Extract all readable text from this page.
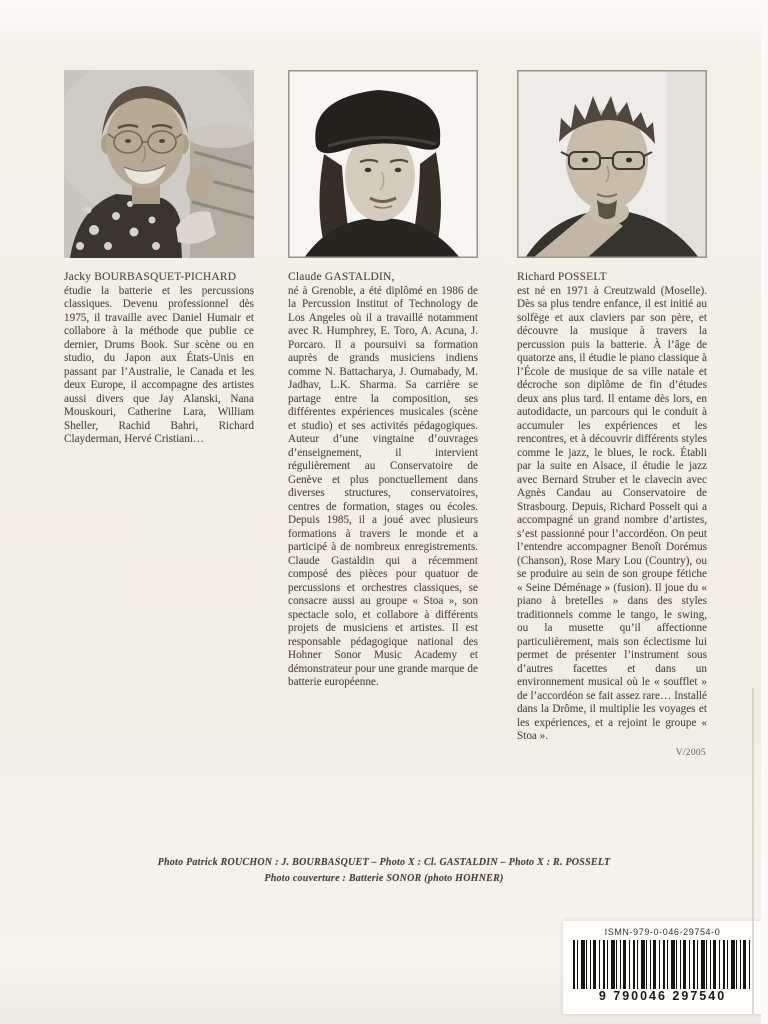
Jacky BOURBASQUET-PICHARD

étudie la batterie et les percussions classiques. Devenu professionnel dès 1975, il travaille avec Daniel Humair et collabore à la méthode que publie ce dernier, Drums Book. Sur scène ou en studio, du Japon aux États-Unis en passant par l’Australie, le Canada et les deux Europe, il accompagne des artistes aussi divers que Jay Alanski, Nana Mouskouri, Catherine Lara, William Sheller, Rachid Bahri, Richard Clayderman, Hervé Cristiani…

Claude GASTALDIN,

né à Grenoble, a été diplômé en 1986 de la Percussion Institut of Technology de Los Angeles où il a travaillé notamment avec R. Humphrey, E. Toro, A. Acuna, J. Porcaro. Il a poursuivi sa formation auprès de grands musiciens indiens comme N. Battacharya, J. Oumabady, M. Jadhav, L.K. Sharma. Sa carrière se partage entre la composition, ses différentes expériences musicales (scène et studio) et ses activités pédagogiques. Auteur d’une vingtaine d’ouvrages d’enseignement, il intervient régulièrement au Conservatoire de Genève et plus ponctuellement dans diverses structures, conservatoires, centres de formation, stages ou écoles. Depuis 1985, il a joué avec plusieurs formations à travers le monde et a participé à de nombreux enregistrements. Claude Gastaldin qui a récemment composé des pièces pour quatuor de percussions et orchestres classiques, se consacre aussi au groupe « Stoa », son spectacle solo, et collabore à différents projets de musiciens et artistes. Il est responsable pédagogique national des Hohner Sonor Music Academy et démonstrateur pour une grande marque de batterie européenne.

Richard POSSELT

est né en 1971 à Creutzwald (Moselle). Dès sa plus tendre enfance, il est initié au solfège et aux claviers par son père, et découvre la musique à travers la percussion puis la batterie. À l’âge de quatorze ans, il étudie le piano classique à l’École de musique de sa ville natale et décroche son diplôme de fin d’études deux ans plus tard. Il entame dès lors, en autodidacte, un parcours qui le conduit à accumuler les expériences et les rencontres, et à découvrir différents styles comme le jazz, le blues, le rock. Établi par la suite en Alsace, il étudie le jazz avec Bernard Struber et le clavecin avec Agnès Candau au Conservatoire de Strasbourg. Depuis, Richard Posselt qui a accompagné un grand nombre d’artistes, s’est passionné pour l’accordéon. On peut l’entendre accompagner Benoît Dorémus (Chanson), Rose Mary Lou (Country), ou se produire au sein de son groupe fétiche « Seine Déménage » (fusion). Il joue du « piano à bretelles » dans des styles traditionnels comme le tango, le swing, ou la musette qu’il affectionne particulièrement, mais son éclectisme lui permet de présenter l’instrument sous d’autres facettes et dans un environnement musical où le « soufflet » de l’accordéon se fait assez rare… Installé dans la Drôme, il multiplie les voyages et les expériences, et a rejoint le groupe « Stoa ».

V/2005
Photo Patrick ROUCHON : J. BOURBASQUET – Photo X : Cl. GASTALDIN – Photo X : R. POSSELT
Photo couverture : Batterie SONOR (photo HOHNER)
ISMN-979-0-046-29754-0
9 790046 297540
